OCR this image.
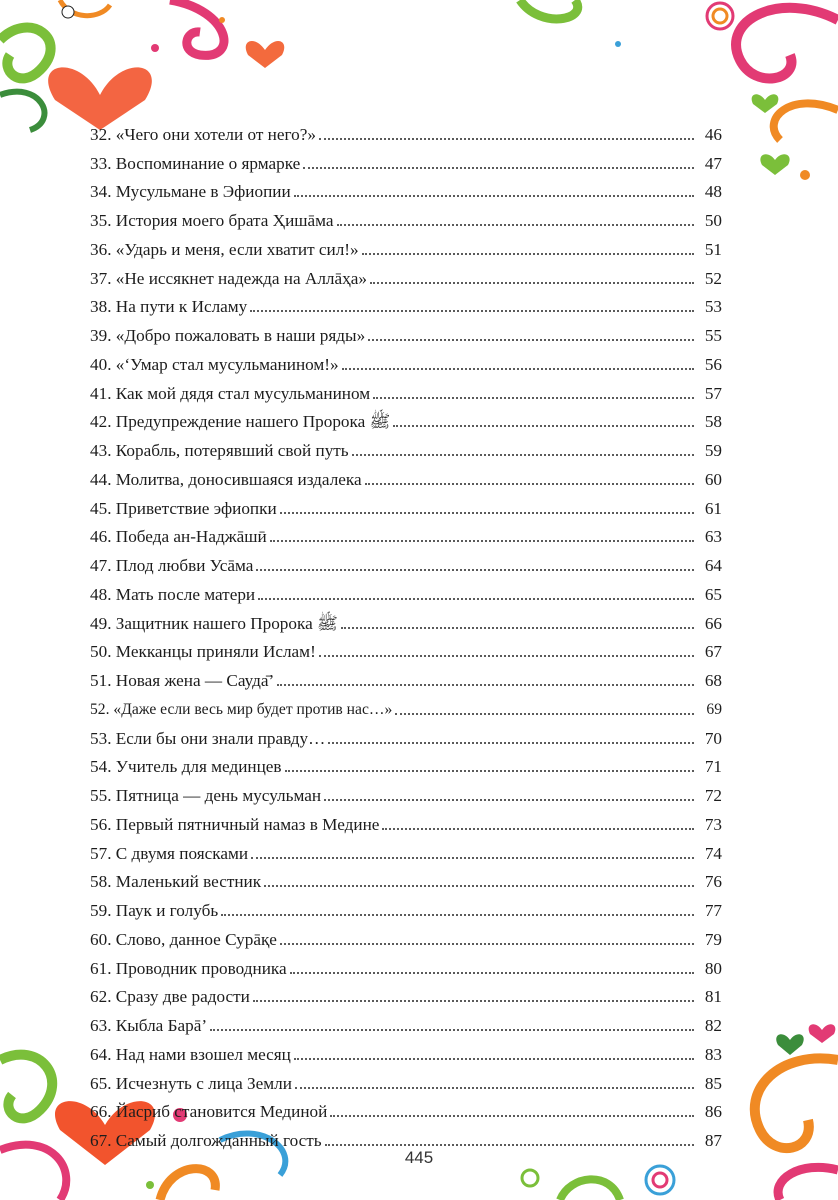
32. «Чего они хотели от него?»	46
33. Воспоминание о ярмарке	47
34. Мусульмане в Эфиопии	48
35. История моего брата Ҳишāма	50
36. «Ударь и меня, если хватит сил!»	51
37. «Не иссякнет надежда на Аллāҳа»	52
38. На пути к Исламу	53
39. «Добро пожаловать в наши ряды»	55
40. «‘Умар стал мусульманином!»	56
41. Как мой дядя стал мусульманином	57
42. Предупреждение нашего Пророка ﷺ	58
43. Корабль, потерявший свой путь	59
44. Молитва, доносившаяся издалека	60
45. Приветствие эфиопки	61
46. Победа ан-Наджāшӣ	63
47. Плод любви Усāма	64
48. Мать после матери	65
49. Защитник нашего Пророка ﷺ	66
50. Мекканцы приняли Ислам!	67
51. Новая жена — Сауда̄’	68
52. «Даже если весь мир будет против нас…»	69
53. Если бы они знали правду…	70
54. Учитель для мединцев	71
55. Пятница — день мусульман	72
56. Первый пятничный намаз в Медине	73
57. С двумя поясками	74
58. Маленький вестник	76
59. Паук и голубь	77
60. Слово, данное Сурāқе	79
61. Проводник проводника	80
62. Сразу две радости	81
63. Кыбла Барā’	82
64. Над нами взошел месяц	83
65. Исчезнуть с лица Земли	85
66. Йасриб становится Мединой	86
67. Самый долгожданный гость	87
445
